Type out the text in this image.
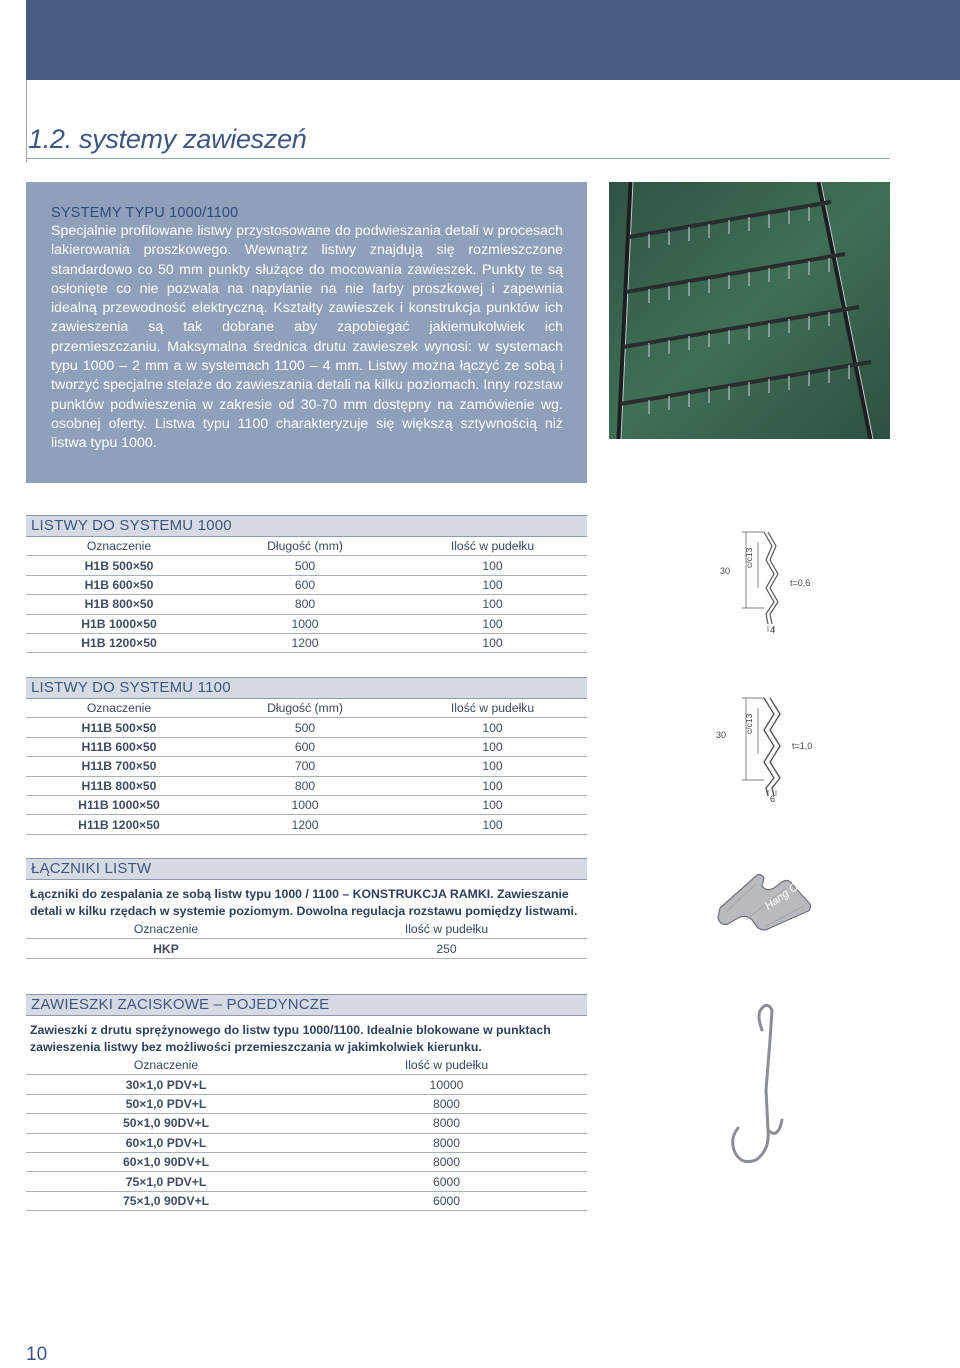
1.2. systemy zawieszeń
SYSTEMY TYPU 1000/1100

Specjalnie profilowane listwy przystosowane do podwieszania detali w procesach lakierowania proszkowego. Wewnątrz listwy znajdują się rozmieszczone standardowo co 50 mm punkty służące do mocowania zawieszek. Punkty te są osłonięte co nie pozwala na napylanie na nie farby proszkowej i zapewnia idealną przewodność elektryczną. Kształty zawieszek i konstrukcja punktów ich zawieszenia są tak dobrane aby zapobiegać jakiemukolwiek ich przemieszczaniu. Maksymalna średnica drutu zawieszek wynosi: w systemach typu 1000 – 2 mm a w systemach 1100 – 4 mm. Listwy można łączyć ze sobą i tworzyć specjalne stelaże do zawieszania detali na kilku poziomach. Inny rozstaw punktów podwieszenia w zakresie od 30-70 mm dostępny na zamówienie wg. osobnej oferty. Listwa typu 1100 charakteryzuje się większą sztywnością niż listwa typu 1000.

LISTWY DO SYSTEMU 1000
Oznaczenie	Długość (mm)	Ilość w pudełku
H1B 500×50	500	100
H1B 600×50	600	100
H1B 800×50	800	100
H1B 1000×50	1000	100
H1B 1200×50	1200	100
30
c/c13
t=0,6
4
LISTWY DO SYSTEMU 1100
Oznaczenie	Długość (mm)	Ilość w pudełku
H11B 500×50	500	100
H11B 600×50	600	100
H11B 700×50	700	100
H11B 800×50	800	100
H11B 1000×50	1000	100
H11B 1200×50	1200	100
30
c/c13
t=1,0
6
ŁĄCZNIKI LISTW
Łączniki do zespalania ze sobą listw typu 1000 / 1100 – KONSTRUKCJA RAMKI. Zawieszanie detali w kilku rzędach w systemie poziomym. Dowolna regulacja rozstawu pomiędzy listwami.
Oznaczenie	Ilość w pudełku
HKP	250
Hang On
ZAWIESZKI ZACISKOWE – POJEDYNCZE
Zawieszki z drutu sprężynowego do listw typu 1000/1100. Idealnie blokowane w punktach zawieszenia listwy bez możliwości przemieszczania w jakimkolwiek kierunku.
Oznaczenie	Ilość w pudełku
30×1,0 PDV+L	10000
50×1,0 PDV+L	8000
50×1,0 90DV+L	8000
60×1,0 PDV+L	8000
60×1,0 90DV+L	8000
75×1,0 PDV+L	6000
75×1,0 90DV+L	6000
10
